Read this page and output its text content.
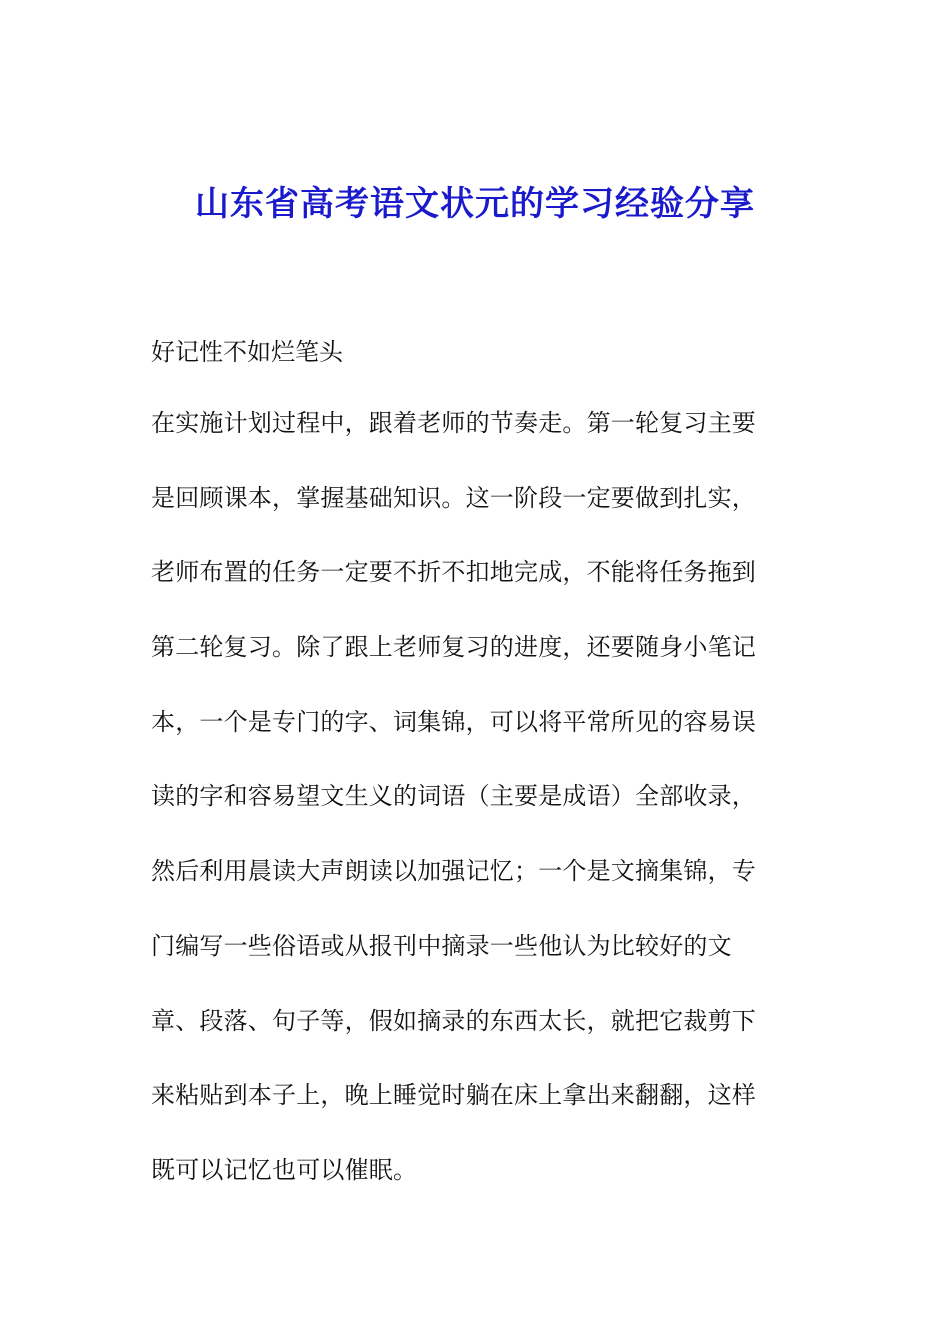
山东省高考语文状元的学习经验分享

好记性不如烂笔头

在实施计划过程中，跟着老师的节奏走。第一轮复习主要
是回顾课本，掌握基础知识。这一阶段一定要做到扎实，
老师布置的任务一定要不折不扣地完成，不能将任务拖到
第二轮复习。除了跟上老师复习的进度，还要随身小笔记
本，一个是专门的字、词集锦，可以将平常所见的容易误
读的字和容易望文生义的词语（主要是成语）全部收录，
然后利用晨读大声朗读以加强记忆；一个是文摘集锦，专
门编写一些俗语或从报刊中摘录一些他认为比较好的文
章、段落、句子等，假如摘录的东西太长，就把它裁剪下
来粘贴到本子上，晚上睡觉时躺在床上拿出来翻翻，这样
既可以记忆也可以催眠。
